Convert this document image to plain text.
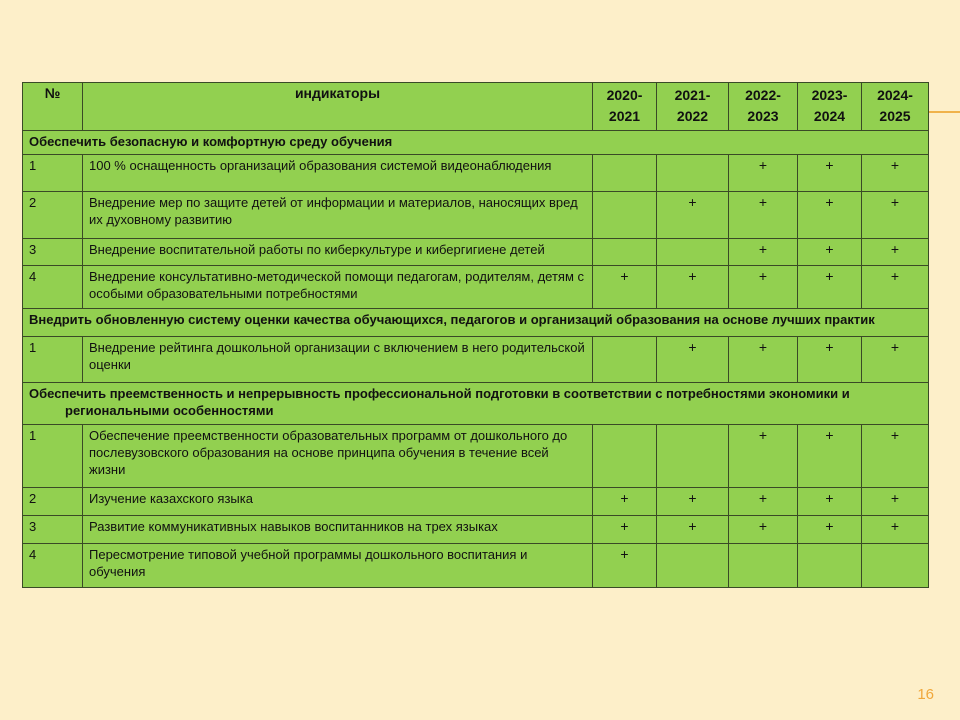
№	индикаторы	2020-2021	2021-2022	2022-2023	2023-2024	2024-2025
Обеспечить безопасную и комфортную среду обучения						
1	100 % оснащенность организаций образования системой видеонаблюдения			+	+	+
2	Внедрение мер по защите детей от информации и материалов, наносящих вред их духовному развитию		+	+	+	+
3	Внедрение воспитательной работы по киберкультуре и кибергигиене детей			+	+	+
4	Внедрение консультативно-методической помощи педагогам, родителям, детям с особыми образовательными потребностями	+	+	+	+	+
Внедрить обновленную систему оценки качества обучающихся, педагогов и организаций образования на основе лучших практик						
1	Внедрение рейтинга дошкольной организации с включением в него родительской оценки		+	+	+	+
Обеспечить преемственность и непрерывность профессиональной подготовки в соответствии с потребностями экономики и
региональными особенностями						
1	Обеспечение преемственности образовательных программ от дошкольного до послевузовского образования на основе принципа обучения в течение всей жизни			+	+	+
2	Изучение казахского языка	+	+	+	+	+
3	Развитие коммуникативных навыков воспитанников на трех языках	+	+	+	+	+
4	Пересмотрение типовой учебной программы дошкольного воспитания и обучения	+				
16
